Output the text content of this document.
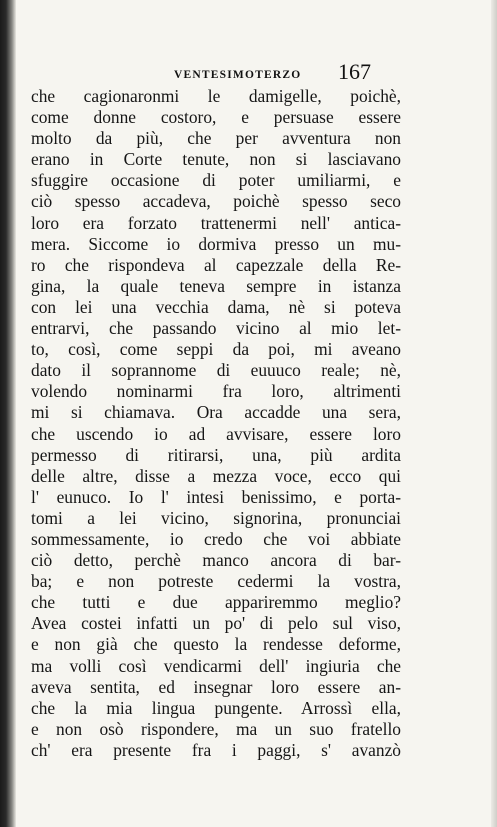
VENTESIMOTERZO 167
che cagionaronmi le damigelle, poichè,
come donne costoro, e persuase essere
molto da più, che per avventura non
erano in Corte tenute, non si lasciavano
sfuggire occasione di poter umiliarmi, e
ciò spesso accadeva, poichè spesso seco
loro era forzato trattenermi nell' anticа-
mera. Siccome io dormiva presso un mu-
ro che rispondeva al capezzale della Re-
gina, la quale teneva sempre in istanza
con lei una vecchia dama, nè si poteva
entrarvi, che passando vicino al mio let-
to, così, come seppi da poi, mi aveano
dato il soprannome di euuuco reale; nè,
volendo nominarmi fra loro, altrimenti
mi si chiamava. Ora accadde una sera,
che uscendo io ad avvisare, essere loro
permesso di ritirarsi, una, più ardita
delle altre, disse a mezza voce, ecco qui
l' eunuco. Io l' intesi benissimo, e porta-
tomi a lei vicino, signorina, pronunciai
sommessamente, io credo che voi abbiate
ciò detto, perchè manco ancora di bar-
ba; e non potreste cedermi la vostra,
che tutti e due appariremmo meglio?
Avea costei infatti un po' di pelo sul viso,
e non già che questo la rendesse deforme,
ma volli così vendicarmi dell' ingiuria che
aveva sentita, ed insegnar loro essere an-
che la mia lingua pungente. Arrossì ella,
e non osò rispondere, ma un suo fratello
ch' era presente fra i paggi, s' avanzò
